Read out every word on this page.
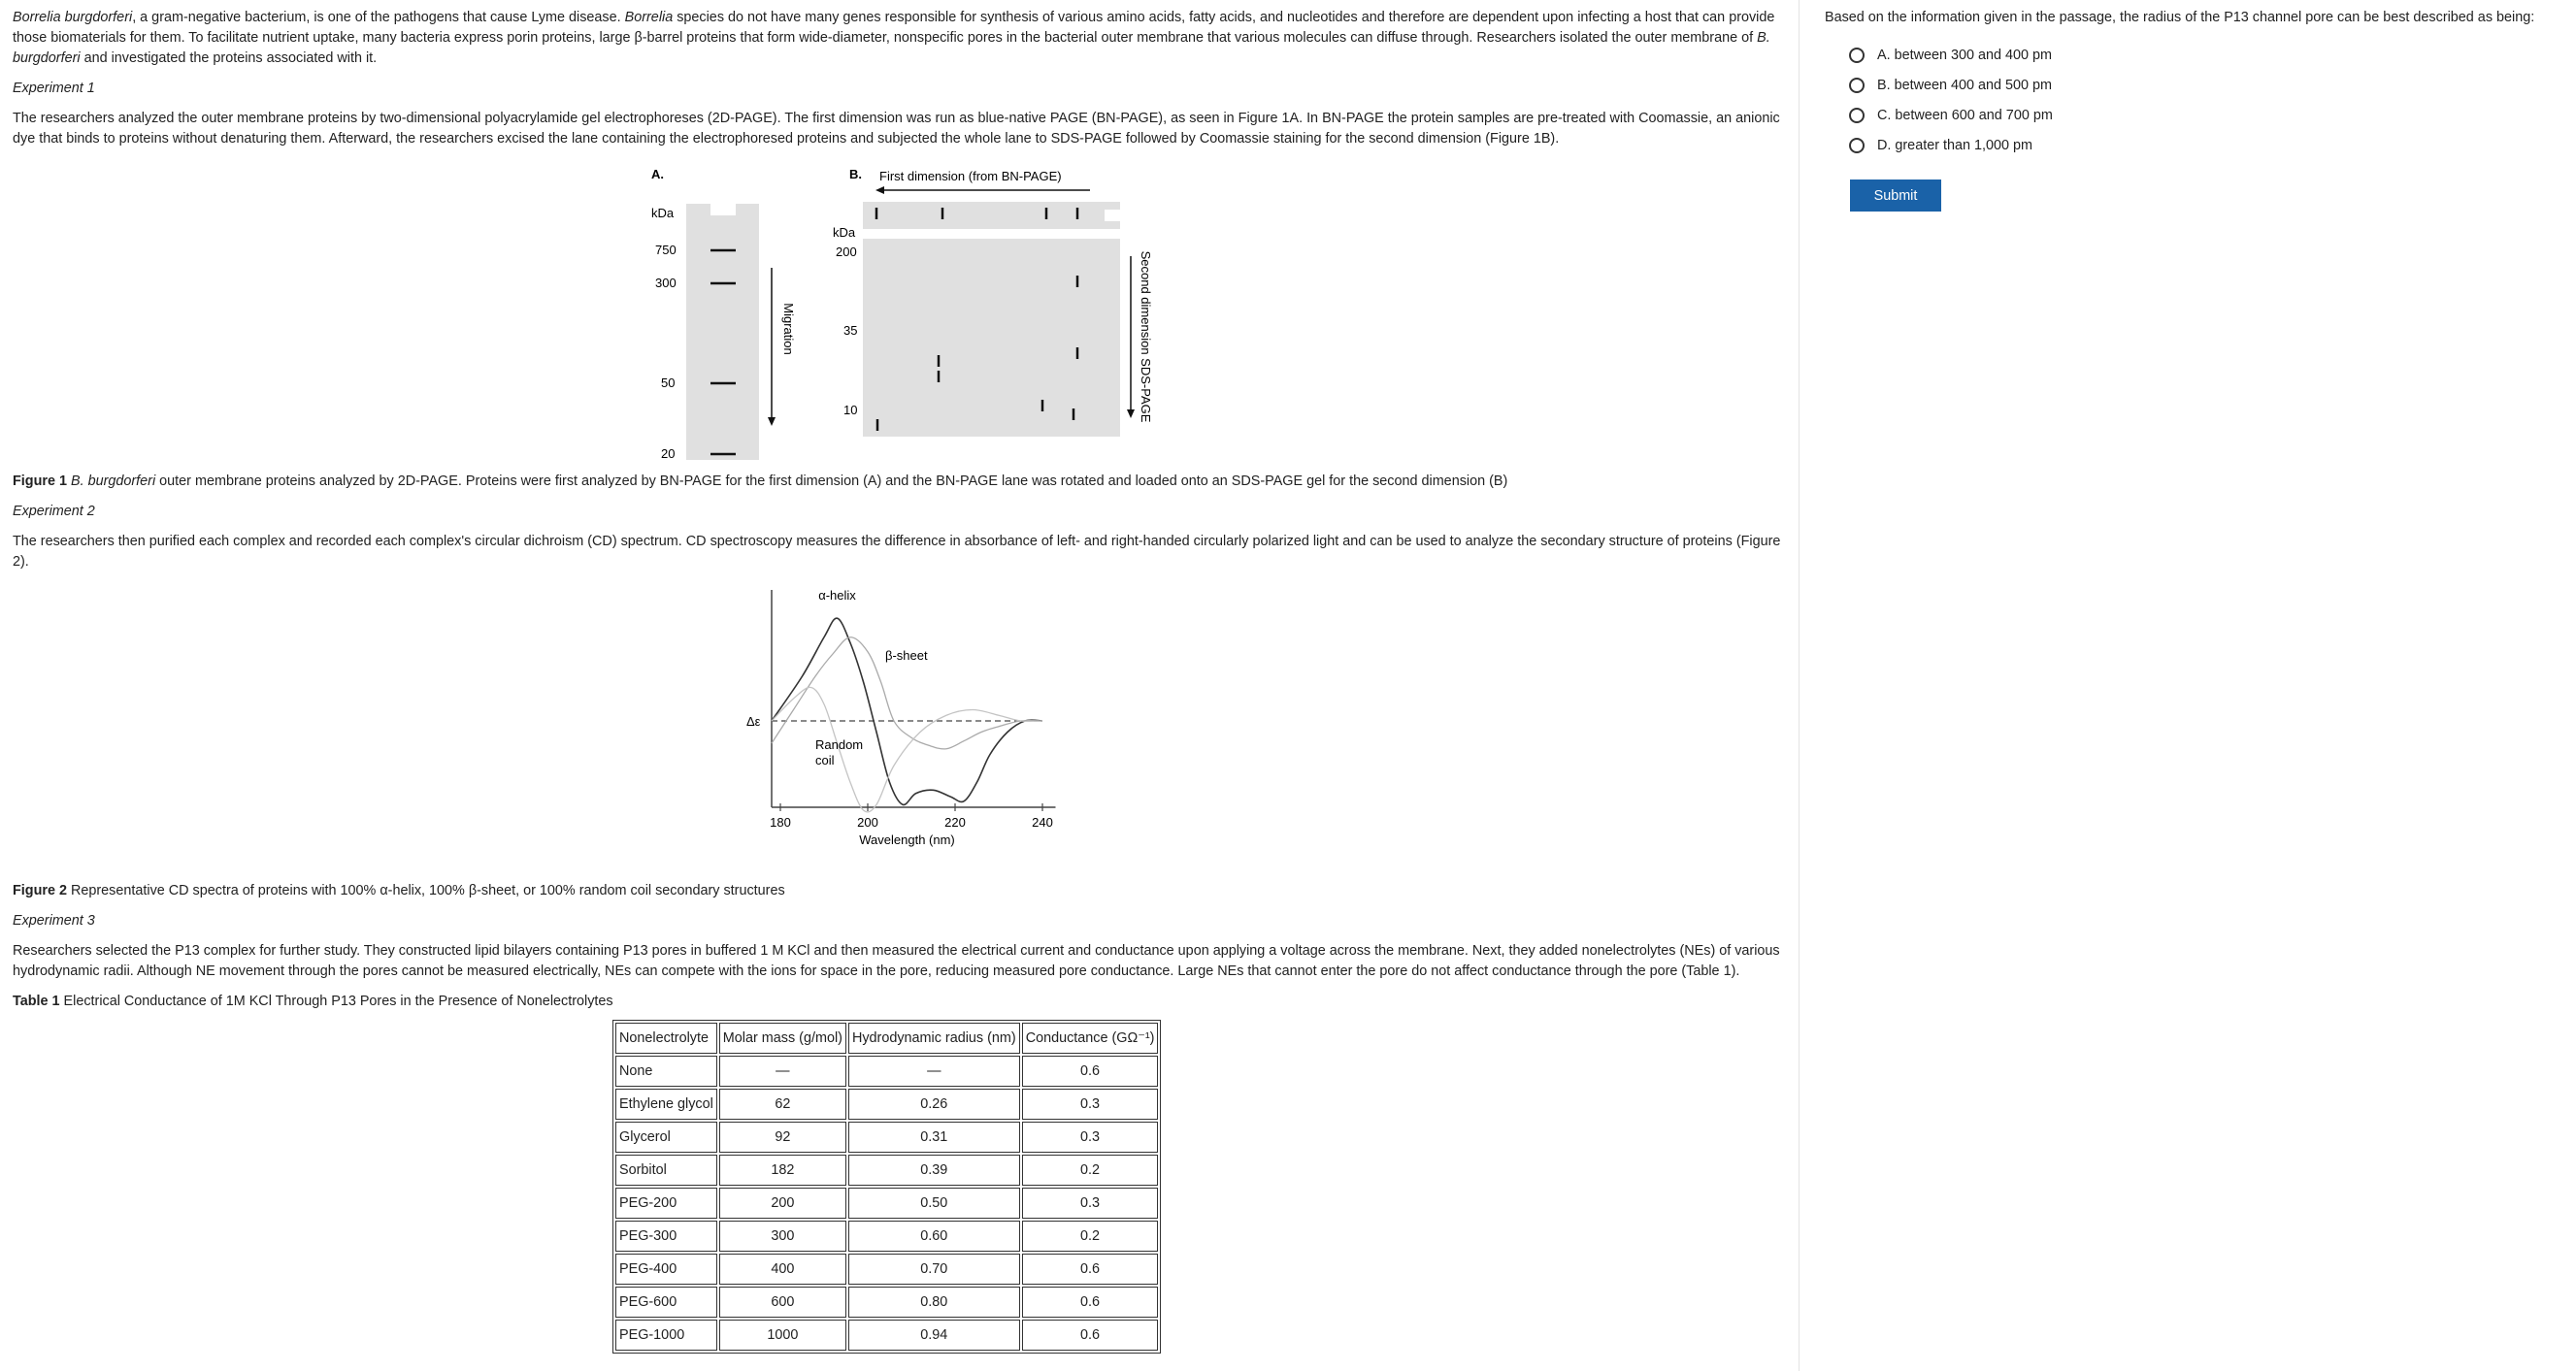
Borrelia burgdorferi, a gram-negative bacterium, is one of the pathogens that cause Lyme disease. Borrelia species do not have many genes responsible for synthesis of various amino acids, fatty acids, and nucleotides and therefore are dependent upon infecting a host that can provide those biomaterials for them. To facilitate nutrient uptake, many bacteria express porin proteins, large β-barrel proteins that form wide-diameter, nonspecific pores in the bacterial outer membrane that various molecules can diffuse through. Researchers isolated the outer membrane of B. burgdorferi and investigated the proteins associated with it.

Experiment 1

The researchers analyzed the outer membrane proteins by two-dimensional polyacrylamide gel electrophoreses (2D-PAGE). The first dimension was run as blue-native PAGE (BN-PAGE), as seen in Figure 1A. In BN-PAGE the protein samples are pre-treated with Coomassie, an anionic dye that binds to proteins without denaturing them. Afterward, the researchers excised the lane containing the electrophoresed proteins and subjected the whole lane to SDS-PAGE followed by Coomassie staining for the second dimension (Figure 1B).

A.
kDa
750
300
50
20
Migration
B. First dimension (from BN-PAGE)
kDa
200
35
10	Second dimension SDS-PAGE
Figure 1 B. burgdorferi outer membrane proteins analyzed by 2D-PAGE. Proteins were first analyzed by BN-PAGE for the first dimension (A) and the BN-PAGE lane was rotated and loaded onto an SDS-PAGE gel for the second dimension (B)
Experiment 2

The researchers then purified each complex and recorded each complex's circular dichroism (CD) spectrum. CD spectroscopy measures the difference in absorbance of left- and right-handed circularly polarized light and can be used to analyze the secondary structure of proteins (Figure 2).

Δε
180	200	220	240
Wavelength (nm)
α-helix
β-sheet
Random coil
Figure 2 Representative CD spectra of proteins with 100% α-helix, 100% β-sheet, or 100% random coil secondary structures
Experiment 3

Researchers selected the P13 complex for further study. They constructed lipid bilayers containing P13 pores in buffered 1 M KCl and then measured the electrical current and conductance upon applying a voltage across the membrane. Next, they added nonelectrolytes (NEs) of various hydrodynamic radii. Although NE movement through the pores cannot be measured electrically, NEs can compete with the ions for space in the pore, reducing measured pore conductance. Large NEs that cannot enter the pore do not affect conductance through the pore (Table 1).

Table 1 Electrical Conductance of 1M KCl Through P13 Pores in the Presence of Nonelectrolytes
Nonelectrolyte	Molar mass (g/mol)	Hydrodynamic radius (nm)	Conductance (GΩ⁻¹)
None	—	—	0.6
Ethylene glycol	62	0.26	0.3
Glycerol	92	0.31	0.3
Sorbitol	182	0.39	0.2
PEG-200	200	0.50	0.3
PEG-300	300	0.60	0.2
PEG-400	400	0.70	0.6
PEG-600	600	0.80	0.6
PEG-1000	1000	0.94	0.6

Based on the information given in the passage, the radius of the P13 channel pore can be best described as being:

A. between 300 and 400 pm
B. between 400 and 500 pm
C. between 600 and 700 pm
D. greater than 1,000 pm
Submit
